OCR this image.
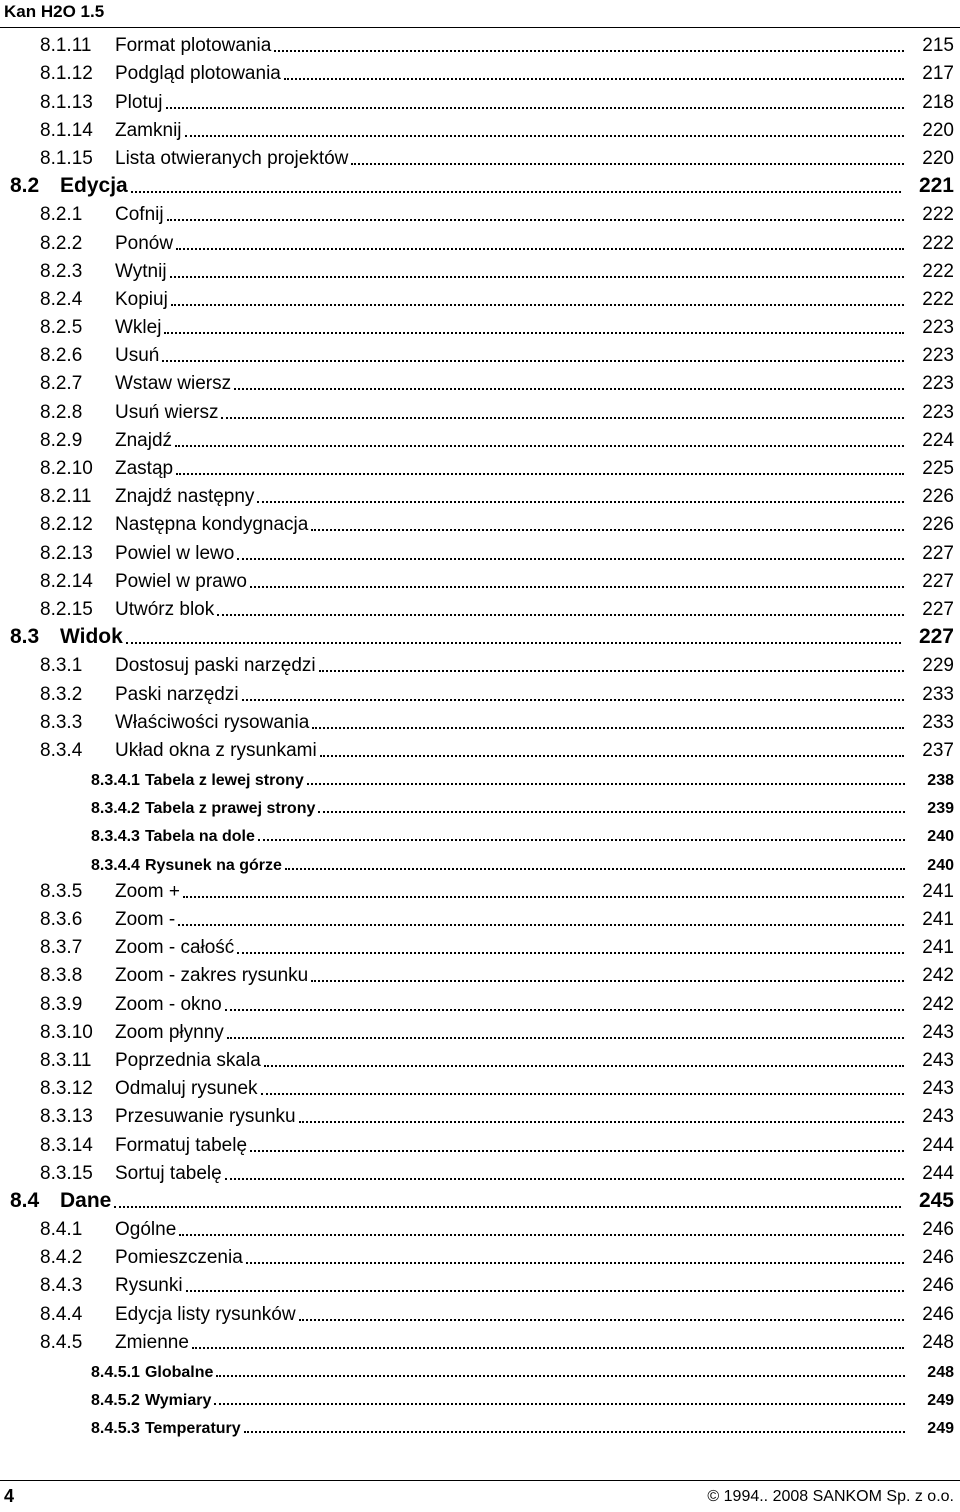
Kan H2O 1.5
8.1.11	Format plotowania	215
8.1.12	Podgląd plotowania	217
8.1.13	Plotuj	218
8.1.14	Zamknij	220
8.1.15	Lista otwieranych projektów	220
8.2 Edycja	221
8.2.1	Cofnij	222
8.2.2	Ponów	222
8.2.3	Wytnij	222
8.2.4	Kopiuj	222
8.2.5	Wklej	223
8.2.6	Usuń	223
8.2.7	Wstaw wiersz	223
8.2.8	Usuń wiersz	223
8.2.9	Znajdź	224
8.2.10	Zastąp	225
8.2.11	Znajdź następny	226
8.2.12	Następna kondygnacja	226
8.2.13	Powiel w lewo	227
8.2.14	Powiel w prawo	227
8.2.15	Utwórz blok	227
8.3 Widok	227
8.3.1	Dostosuj paski narzędzi	229
8.3.2	Paski narzędzi	233
8.3.3	Właściwości rysowania	233
8.3.4	Układ okna z rysunkami	237
8.3.4.1 Tabela z lewej strony	238
8.3.4.2 Tabela z prawej strony	239
8.3.4.3 Tabela na dole	240
8.3.4.4 Rysunek na górze	240
8.3.5	Zoom +	241
8.3.6	Zoom -	241
8.3.7	Zoom - całość	241
8.3.8	Zoom - zakres rysunku	242
8.3.9	Zoom - okno	242
8.3.10	Zoom płynny	243
8.3.11	Poprzednia skala	243
8.3.12	Odmaluj rysunek	243
8.3.13	Przesuwanie rysunku	243
8.3.14	Formatuj tabelę	244
8.3.15	Sortuj tabelę	244
8.4 Dane	245
8.4.1	Ogólne	246
8.4.2	Pomieszczenia	246
8.4.3	Rysunki	246
8.4.4	Edycja listy rysunków	246
8.4.5	Zmienne	248
8.4.5.1 Globalne	248
8.4.5.2 Wymiary	249
8.4.5.3 Temperatury	249
4	© 1994.. 2008 SANKOM Sp. z o.o.
